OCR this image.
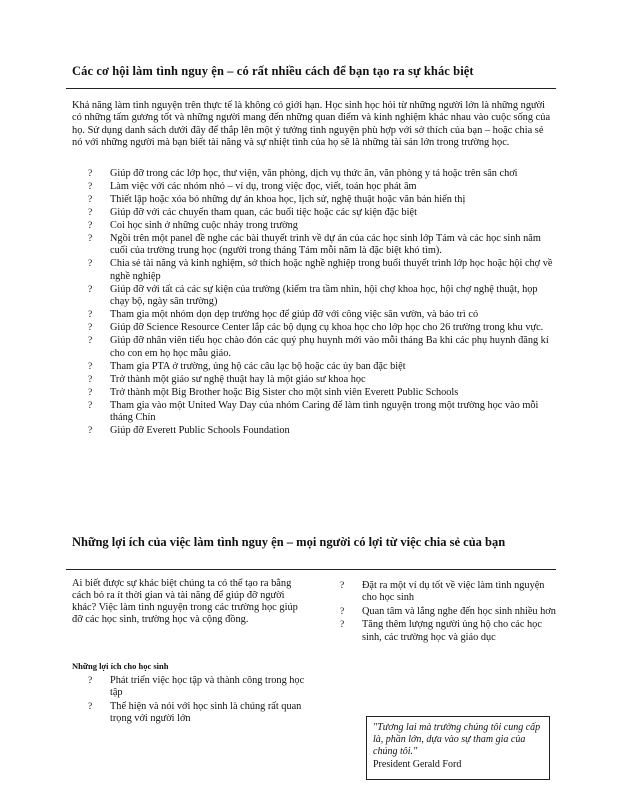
Các cơ hội làm tình nguy ện – có rất nhiều cách để bạn tạo ra sự khác biệt
Khả năng làm tình nguyện trên thực tế là không có giới hạn. Học sinh học hỏi từ những người lớn là những người có những tấm gương tốt và những người mang đến những quan điểm và kinh nghiệm khác nhau vào cuộc sống của họ. Sử dụng danh sách dưới đây để thắp lên một ý tưởng tình nguyện phù hợp với sở thích của bạn – hoặc chia sẻ nó với những người mà bạn biết tài năng và sự nhiệt tình của họ sẽ là những tài sản lớn trong trường học.
? Giúp đỡ trong các lớp học, thư viện, văn phòng, dịch vụ thức ăn, văn phòng y tá hoặc trên sân chơi
? Làm việc với các nhóm nhỏ – ví dụ, trong việc đọc, viết, toán học phát âm
? Thiết lập hoặc xóa bỏ những dự án khoa học, lịch sử, nghệ thuật hoặc văn bản hiển thị
? Giúp đỡ với các chuyến tham quan, các buổi tiệc hoặc các sự kiện đặc biệt
? Coi học sinh ở những cuộc nhảy trong trường
? Ngồi trên một panel đề nghe các bài thuyết trình về dự án của các học sinh lớp Tám và các học sinh năm cuối của trường trung học (người trong tháng Tám mỗi năm là đặc biệt khó tìm).
? Chia sẻ tài năng và kinh nghiệm, sở thích hoặc nghề nghiệp trong buổi thuyết trình lớp học hoặc hội chợ về nghề nghiệp
? Giúp đỡ với tất cả các sự kiện của trường (kiểm tra tầm nhìn, hội chợ khoa học, hội chợ nghệ thuật, họp chạy bộ, ngày sân trường)
? Tham gia một nhóm dọn dẹp trường học để giúp đỡ với công việc sân vườn, và bảo trì có
? Giúp đỡ Science Resource Center lắp các bộ dụng cụ khoa học cho lớp học cho 26 trường trong khu vực.
? Giúp đỡ nhân viên tiểu học chào đón các quý phụ huynh mới vào mỗi tháng Ba khi các phụ huynh đăng kí cho con em họ học mẫu giáo.
? Tham gia PTA ở trường, ủng hộ các câu lạc bộ hoặc các ủy ban đặc biệt
? Trở thành một giáo sư nghệ thuật hay là một giáo sư khoa học
? Trở thành một Big Brother hoặc Big Sister cho một sinh viên Everett Public Schools
? Tham gia vào một United Way Day của nhóm Caring để làm tình nguyện trong một trường học vào mỗi tháng Chín
? Giúp đỡ Everett Public Schools Foundation
Những lợi ích của việc làm tình nguy ện – mọi người có lợi từ việc chia sẻ của bạn
Ai biết được sự khác biệt chúng ta có thể tạo ra bằng cách bỏ ra ít thời gian và tài năng để giúp đỡ người khác? Việc làm tình nguyện trong các trường học giúp đỡ các học sinh, trường học và cộng đồng.
Những lợi ích cho học sinh
? Phát triển việc học tập và thành công trong học tập
? Thể hiện và nói với học sinh là chúng rất quan trọng với người lớn
? Đặt ra một ví dụ tốt về việc làm tình nguyện cho học sinh
? Quan tâm và lắng nghe đến học sinh nhiều hơn
? Tăng thêm lượng người ủng hộ cho các học sinh, các trường học và giáo dục
"Tương lai mà trường chúng tôi cung cấp là, phần lớn, dựa vào sự tham gia của chúng tôi."
President Gerald Ford
